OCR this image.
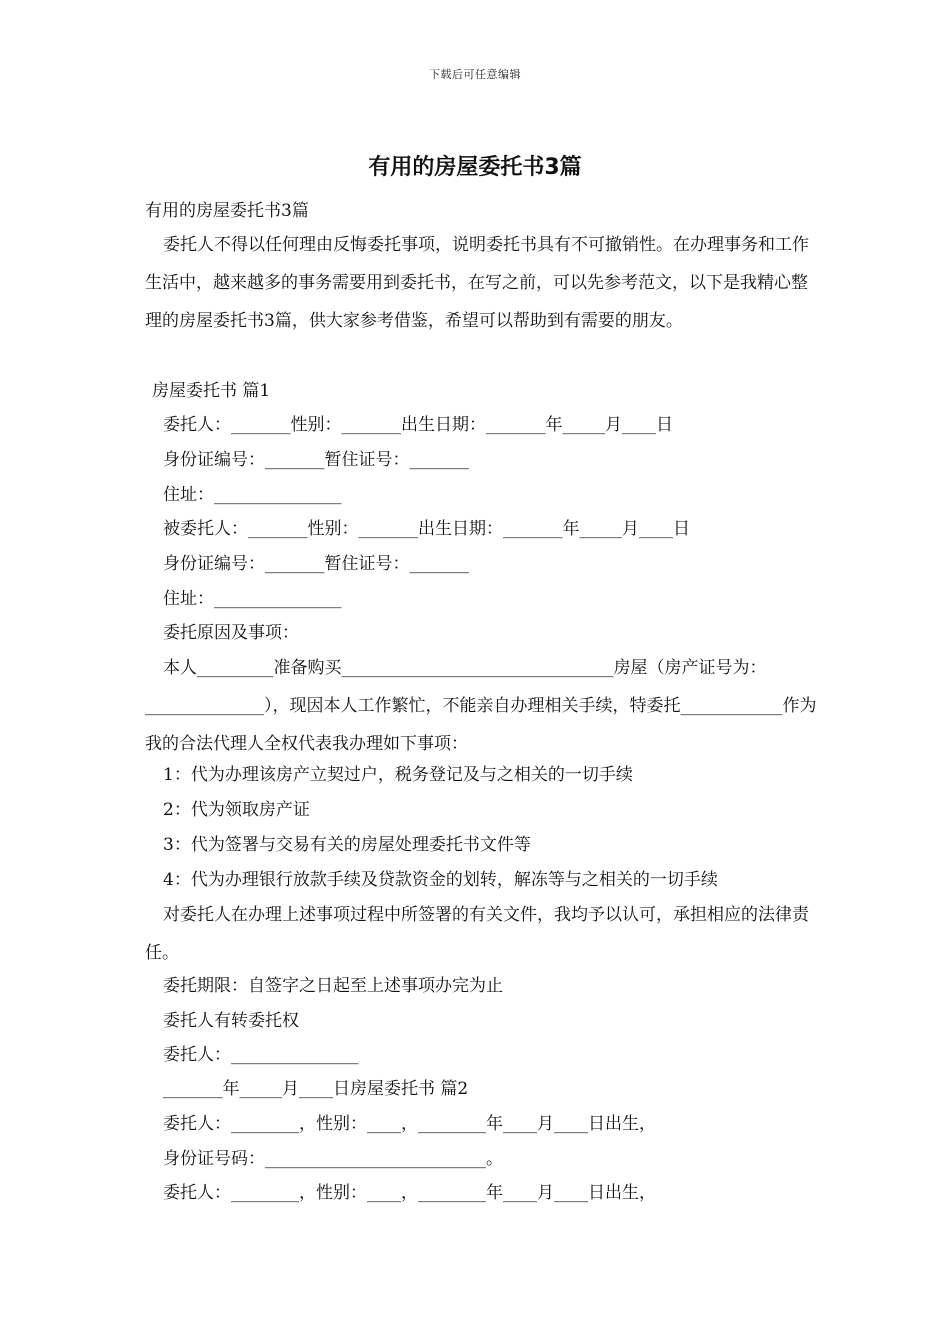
下载后可任意编辑
有用的房屋委托书3篇
有用的房屋委托书3篇
委托人不得以任何理由反悔委托事项，说明委托书具有不可撤销性。在办理事务和工作生活中，越来越多的事务需要用到委托书，在写之前，可以先参考范文，以下是我精心整理的房屋委托书3篇，供大家参考借鉴，希望可以帮助到有需要的朋友。
房屋委托书 篇1
委托人：_______性别：_______出生日期：_______年_____月____日
身份证编号：_______暂住证号：_______
住址：_______________
被委托人：_______性别：_______出生日期：_______年_____月____日
身份证编号：_______暂住证号：_______
住址：_______________
委托原因及事项：
本人_________准备购买________________________________房屋（房产证号为：______________），现因本人工作繁忙，不能亲自办理相关手续，特委托____________作为我的合法代理人全权代表我办理如下事项：
1：代为办理该房产立契过户，税务登记及与之相关的一切手续
2：代为领取房产证
3：代为签署与交易有关的房屋处理委托书文件等
4：代为办理银行放款手续及贷款资金的划转，解冻等与之相关的一切手续
对委托人在办理上述事项过程中所签署的有关文件，我均予以认可，承担相应的法律责任。
委托期限：自签字之日起至上述事项办完为止
委托人有转委托权
委托人：_______________
_______年_____月____日房屋委托书 篇2
委托人：________，性别：____，________年____月____日出生，
身份证号码：__________________________。
委托人：________，性别：____，________年____月____日出生，
